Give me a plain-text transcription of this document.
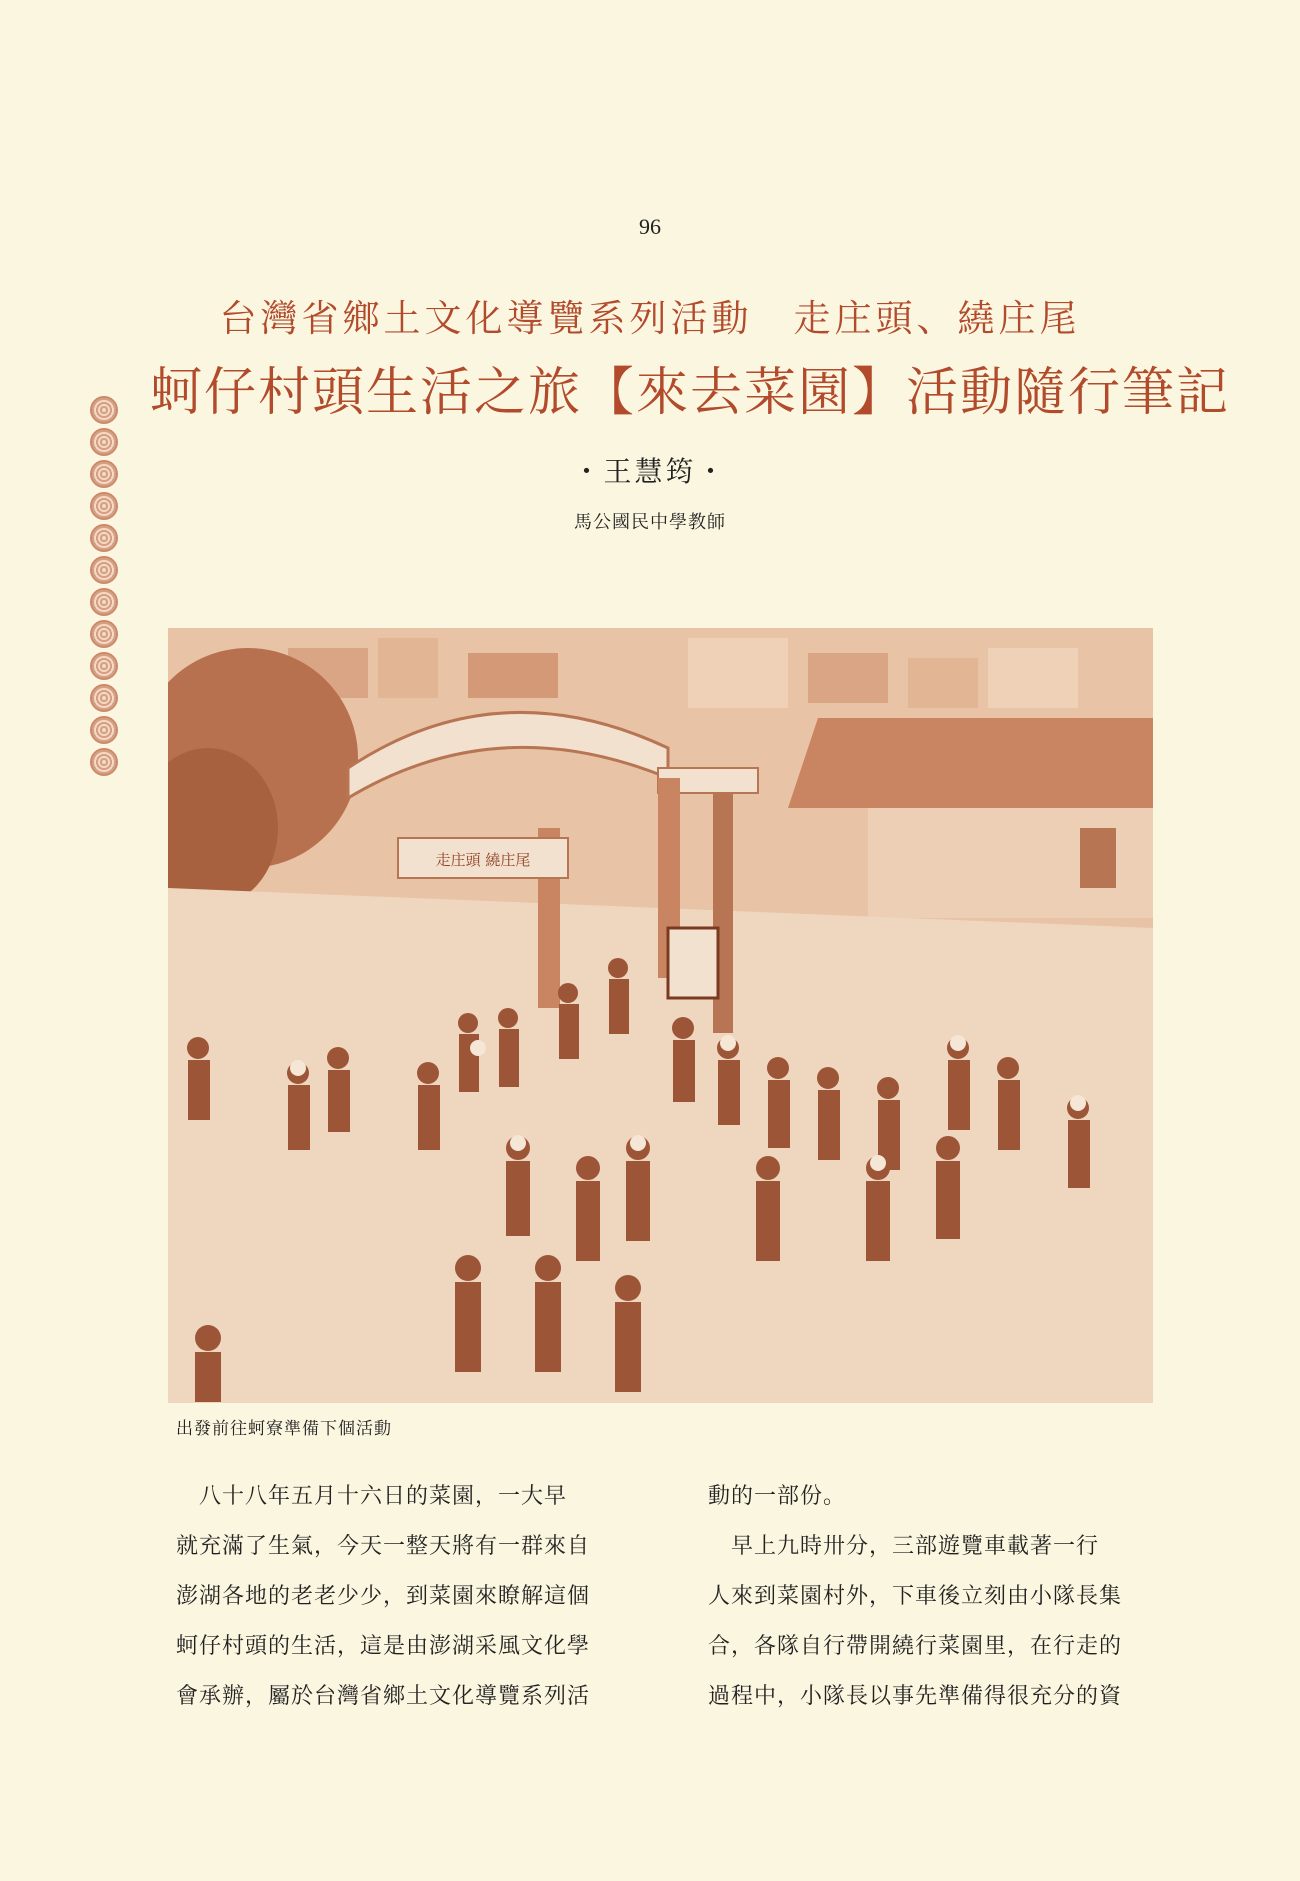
96
台灣省鄉土文化導覽系列活動　走庄頭、繞庄尾
蚵仔村頭生活之旅【來去菜園】活動隨行筆記
・王慧筠・
馬公國民中學教師
走庄頭 繞庄尾
出發前往蚵寮準備下個活動
　八十八年五月十六日的菜園，一大早
就充滿了生氣，今天一整天將有一群來自
澎湖各地的老老少少，到菜園來瞭解這個
蚵仔村頭的生活，這是由澎湖采風文化學
會承辦，屬於台灣省鄉土文化導覽系列活
動的一部份。
　早上九時卅分，三部遊覽車載著一行
人來到菜園村外，下車後立刻由小隊長集
合，各隊自行帶開繞行菜園里，在行走的
過程中，小隊長以事先準備得很充分的資
